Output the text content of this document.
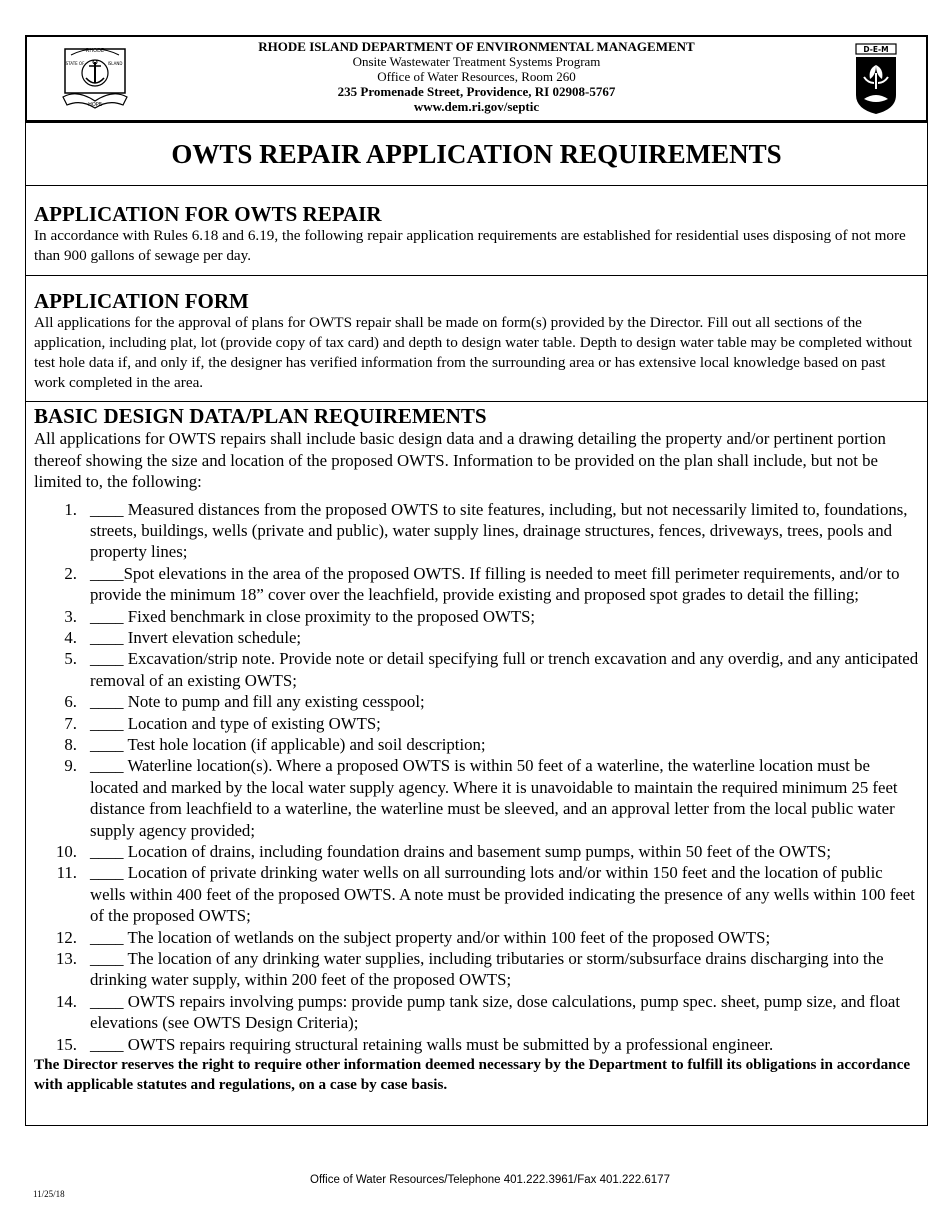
RHODE
STATE OF	ISLAND
HOPE
RHODE ISLAND DEPARTMENT OF ENVIRONMENTAL MANAGEMENT
Onsite Wastewater Treatment Systems Program
Office of Water Resources, Room 260
235 Promenade Street, Providence, RI 02908-5767
www.dem.ri.gov/septic
D-E-M
OWTS REPAIR APPLICATION REQUIREMENTS
APPLICATION FOR OWTS REPAIR

In accordance with Rules 6.18 and 6.19, the following repair application requirements are established for residential uses disposing of not more than 900 gallons of sewage per day.

APPLICATION FORM

All applications for the approval of plans for OWTS repair shall be made on form(s) provided by the Director. Fill out all sections of the application, including plat, lot (provide copy of tax card) and depth to design water table. Depth to design water table may be completed without test hole data if, and only if, the designer has verified information from the surrounding area or has extensive local knowledge based on past work completed in the area.

BASIC DESIGN DATA/PLAN REQUIREMENTS

All applications for OWTS repairs shall include basic design data and a drawing detailing the property and/or pertinent portion thereof showing the size and location of the proposed OWTS. Information to be provided on the plan shall include, but not be limited to, the following:

1. ____ Measured distances from the proposed OWTS to site features, including, but not necessarily limited to, foundations, streets, buildings, wells (private and public), water supply lines, drainage structures, fences, driveways, trees, pools and property lines;
2. ____Spot elevations in the area of the proposed OWTS. If filling is needed to meet fill perimeter requirements, and/or to provide the minimum 18” cover over the leachfield, provide existing and proposed spot grades to detail the filling;
3. ____ Fixed benchmark in close proximity to the proposed OWTS;
4. ____ Invert elevation schedule;
5. ____ Excavation/strip note. Provide note or detail specifying full or trench excavation and any overdig, and any anticipated removal of an existing OWTS;
6. ____ Note to pump and fill any existing cesspool;
7. ____ Location and type of existing OWTS;
8. ____ Test hole location (if applicable) and soil description;
9. ____ Waterline location(s). Where a proposed OWTS is within 50 feet of a waterline, the waterline location must be located and marked by the local water supply agency. Where it is unavoidable to maintain the required minimum 25 feet distance from leachfield to a waterline, the waterline must be sleeved, and an approval letter from the local public water supply agency provided;
10. ____ Location of drains, including foundation drains and basement sump pumps, within 50 feet of the OWTS;
11. ____ Location of private drinking water wells on all surrounding lots and/or within 150 feet and the location of public wells within 400 feet of the proposed OWTS. A note must be provided indicating the presence of any wells within 100 feet of the proposed OWTS;
12. ____ The location of wetlands on the subject property and/or within 100 feet of the proposed OWTS;
13. ____ The location of any drinking water supplies, including tributaries or storm/subsurface drains discharging into the drinking water supply, within 200 feet of the proposed OWTS;
14. ____ OWTS repairs involving pumps: provide pump tank size, dose calculations, pump spec. sheet, pump size, and float elevations (see OWTS Design Criteria);
15. ____ OWTS repairs requiring structural retaining walls must be submitted by a professional engineer.

The Director reserves the right to require other information deemed necessary by the Department to fulfill its obligations in accordance with applicable statutes and regulations, on a case by case basis.

Office of Water Resources/Telephone 401.222.3961/Fax 401.222.6177
11/25/18
